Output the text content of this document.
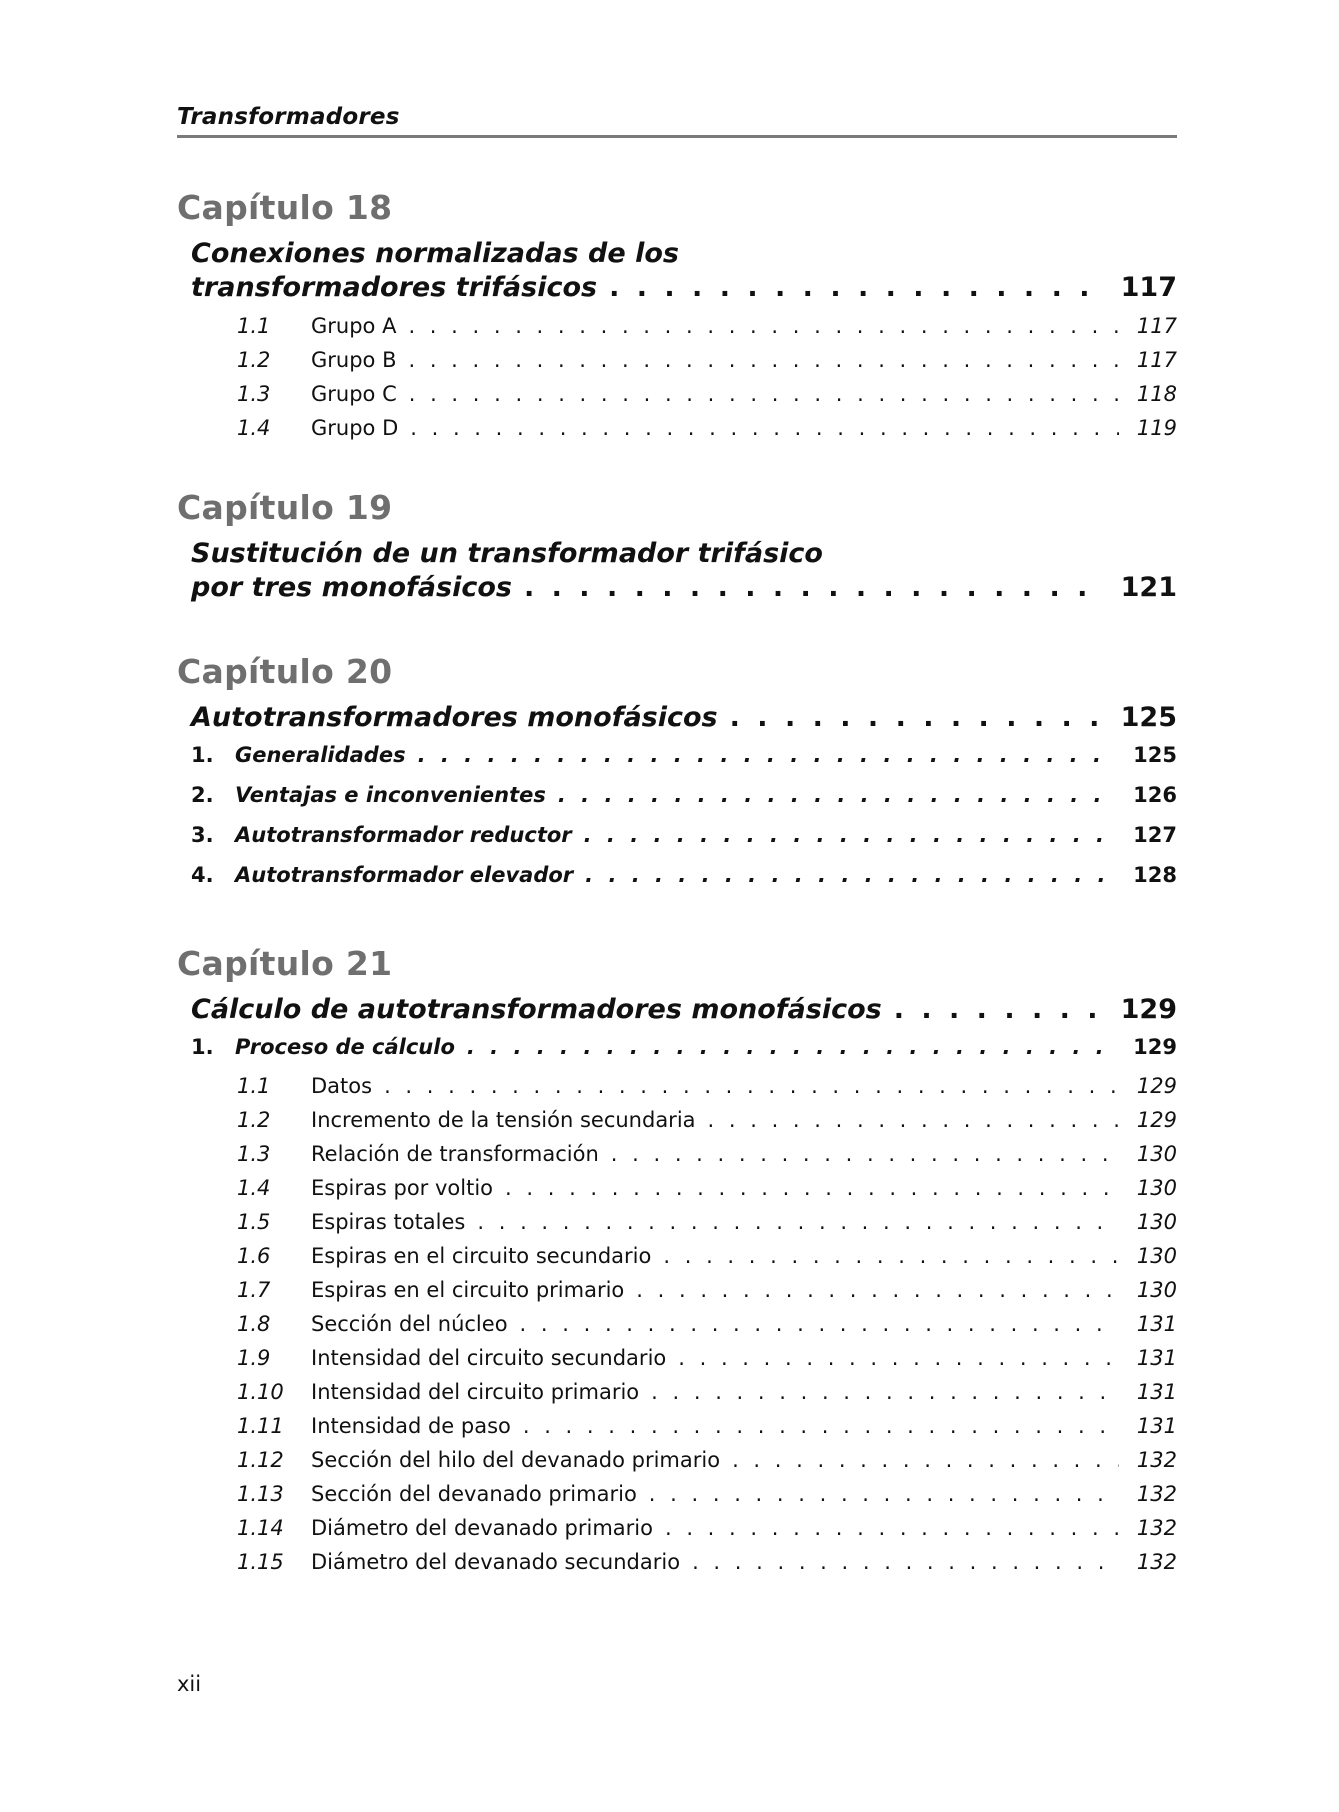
Transformadores
Capítulo 18
Conexiones normalizadas de los
transformadores trifásicos . . .	117
1.1	Grupo A . . .	117
1.2	Grupo B . . .	117
1.3	Grupo C . . .	118
1.4	Grupo D . . .	119
Capítulo 19
Sustitución de un transformador trifásico
por tres monofásicos . . .	121
Capítulo 20
Autotransformadores monofásicos . . .	125
1.	Generalidades . . .	125
2.	Ventajas e inconvenientes . . .	126
3.	Autotransformador reductor . . .	127
4.	Autotransformador elevador . . .	128
Capítulo 21
Cálculo de autotransformadores monofásicos . . .	129
1.	Proceso de cálculo . . .	129
1.1	Datos . . .	129
1.2	Incremento de la tensión secundaria . . .	129
1.3	Relación de transformación . . .	130
1.4	Espiras por voltio . . .	130
1.5	Espiras totales . . .	130
1.6	Espiras en el circuito secundario . . .	130
1.7	Espiras en el circuito primario . . .	130
1.8	Sección del núcleo . . .	131
1.9	Intensidad del circuito secundario . . .	131
1.10	Intensidad del circuito primario . . .	131
1.11	Intensidad de paso . . .	131
1.12	Sección del hilo del devanado primario . . .	132
1.13	Sección del devanado primario . . .	132
1.14	Diámetro del devanado primario . . .	132
1.15	Diámetro del devanado secundario . . .	132
xii
